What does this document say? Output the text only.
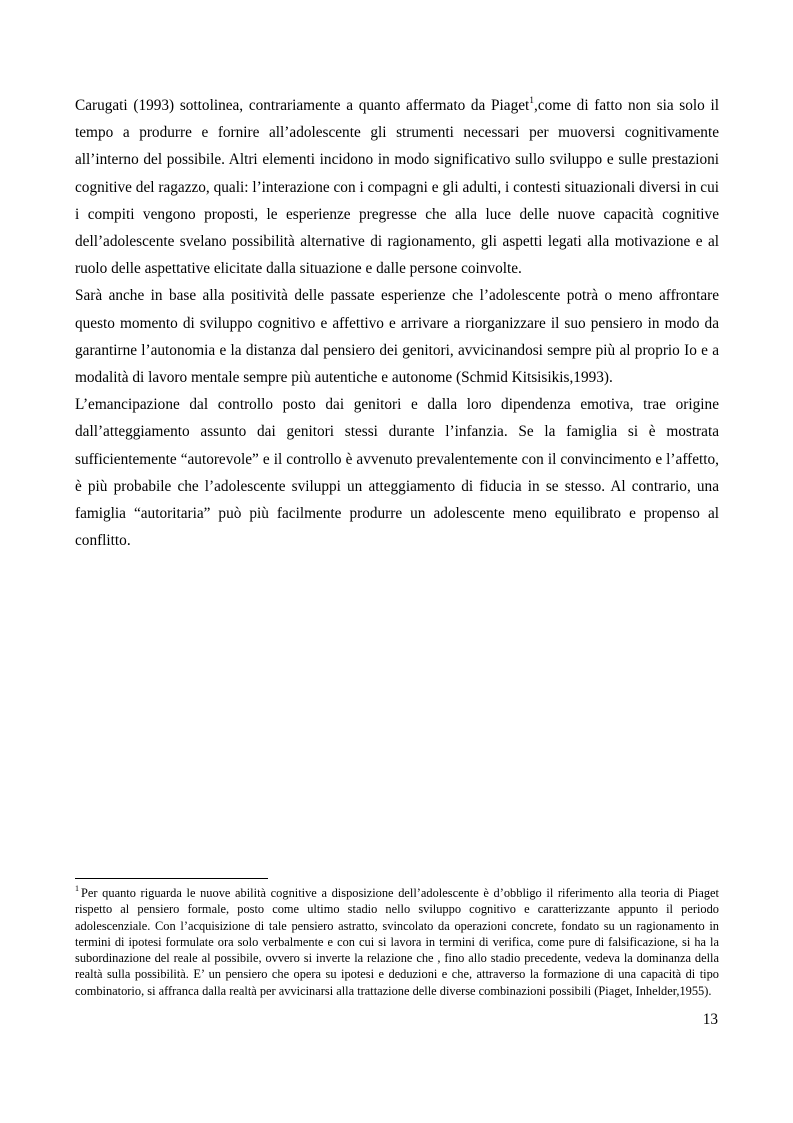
Carugati (1993) sottolinea, contrariamente a quanto affermato da Piaget$^1$,come di fatto non sia solo il tempo a produrre e fornire all’adolescente gli strumenti necessari per muoversi cognitivamente all’interno del possibile. Altri elementi incidono in modo significativo sullo sviluppo e sulle prestazioni cognitive del ragazzo, quali: l’interazione con i compagni e gli adulti, i contesti situazionali diversi in cui i compiti vengono proposti, le esperienze pregresse che alla luce delle nuove capacità cognitive dell’adolescente svelano possibilità alternative di ragionamento, gli aspetti legati alla motivazione e al ruolo delle aspettative elicitate dalla situazione e dalle persone coinvolte.

Sarà anche in base alla positività delle passate esperienze che l’adolescente potrà o meno affrontare questo momento di sviluppo cognitivo e affettivo e arrivare a riorganizzare il suo pensiero in modo da garantirne l’autonomia e la distanza dal pensiero dei genitori, avvicinandosi sempre più al proprio Io e a modalità di lavoro mentale sempre più autentiche e autonome (Schmid Kitsisikis,1993).

L’emancipazione dal controllo posto dai genitori e dalla loro dipendenza emotiva, trae origine dall’atteggiamento assunto dai genitori stessi durante l’infanzia. Se la famiglia si è mostrata sufficientemente “autorevole” e il controllo è avvenuto prevalentemente con il convincimento e l’affetto, è più probabile che l’adolescente sviluppi un atteggiamento di fiducia in se stesso. Al contrario, una famiglia “autoritaria” può più facilmente produrre un adolescente meno equilibrato e propenso al conflitto.

$^1$ Per quanto riguarda le nuove abilità cognitive a disposizione dell’adolescente è d’obbligo il riferimento alla teoria di Piaget rispetto al pensiero formale, posto come ultimo stadio nello sviluppo cognitivo e caratterizzante appunto il periodo adolescenziale. Con l’acquisizione di tale pensiero astratto, svincolato da operazioni concrete, fondato su un ragionamento in termini di ipotesi formulate ora solo verbalmente e con cui si lavora in termini di verifica, come pure di falsificazione, si ha la subordinazione del reale al possibile, ovvero si inverte la relazione che , fino allo stadio precedente, vedeva la dominanza della realtà sulla possibilità. E’ un pensiero che opera su ipotesi e deduzioni e che, attraverso la formazione di una capacità di tipo combinatorio, si affranca dalla realtà per avvicinarsi alla trattazione delle diverse combinazioni possibili (Piaget, Inhelder,1955).

13
